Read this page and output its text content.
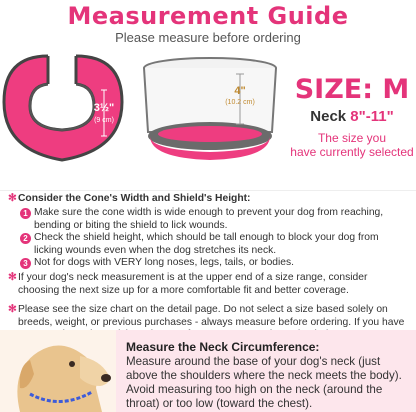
Measurement Guide
Please measure before ordering
3½"
(9 cm)
4"
(10.2 cm) SIZE: M
Neck 8"-11"
The size you
have currently selected
✻ Consider the Cone's Width and Shield's Height:
1 Make sure the cone width is wide enough to prevent your dog from reaching, bending or biting the shield to lick wounds.
2 Check the shield height, which should be tall enough to block your dog from licking wounds even when the dog stretches its neck.
3 Not for dogs with VERY long noses, legs, tails, or bodies.
✻ If your dog's neck measurement is at the upper end of a size range, consider choosing the next size up for a more comfortable fit and better coverage.
✻ Please see the size chart on the detail page. Do not select a size based solely on breeds, weight, or previous purchases - always measure before ordering. If you have
Measure the Neck Circumference:
Measure around the base of your dog's neck (just above the shoulders where the neck meets the body). Avoid measuring too high on the neck (around the throat) or too low (toward the chest).
